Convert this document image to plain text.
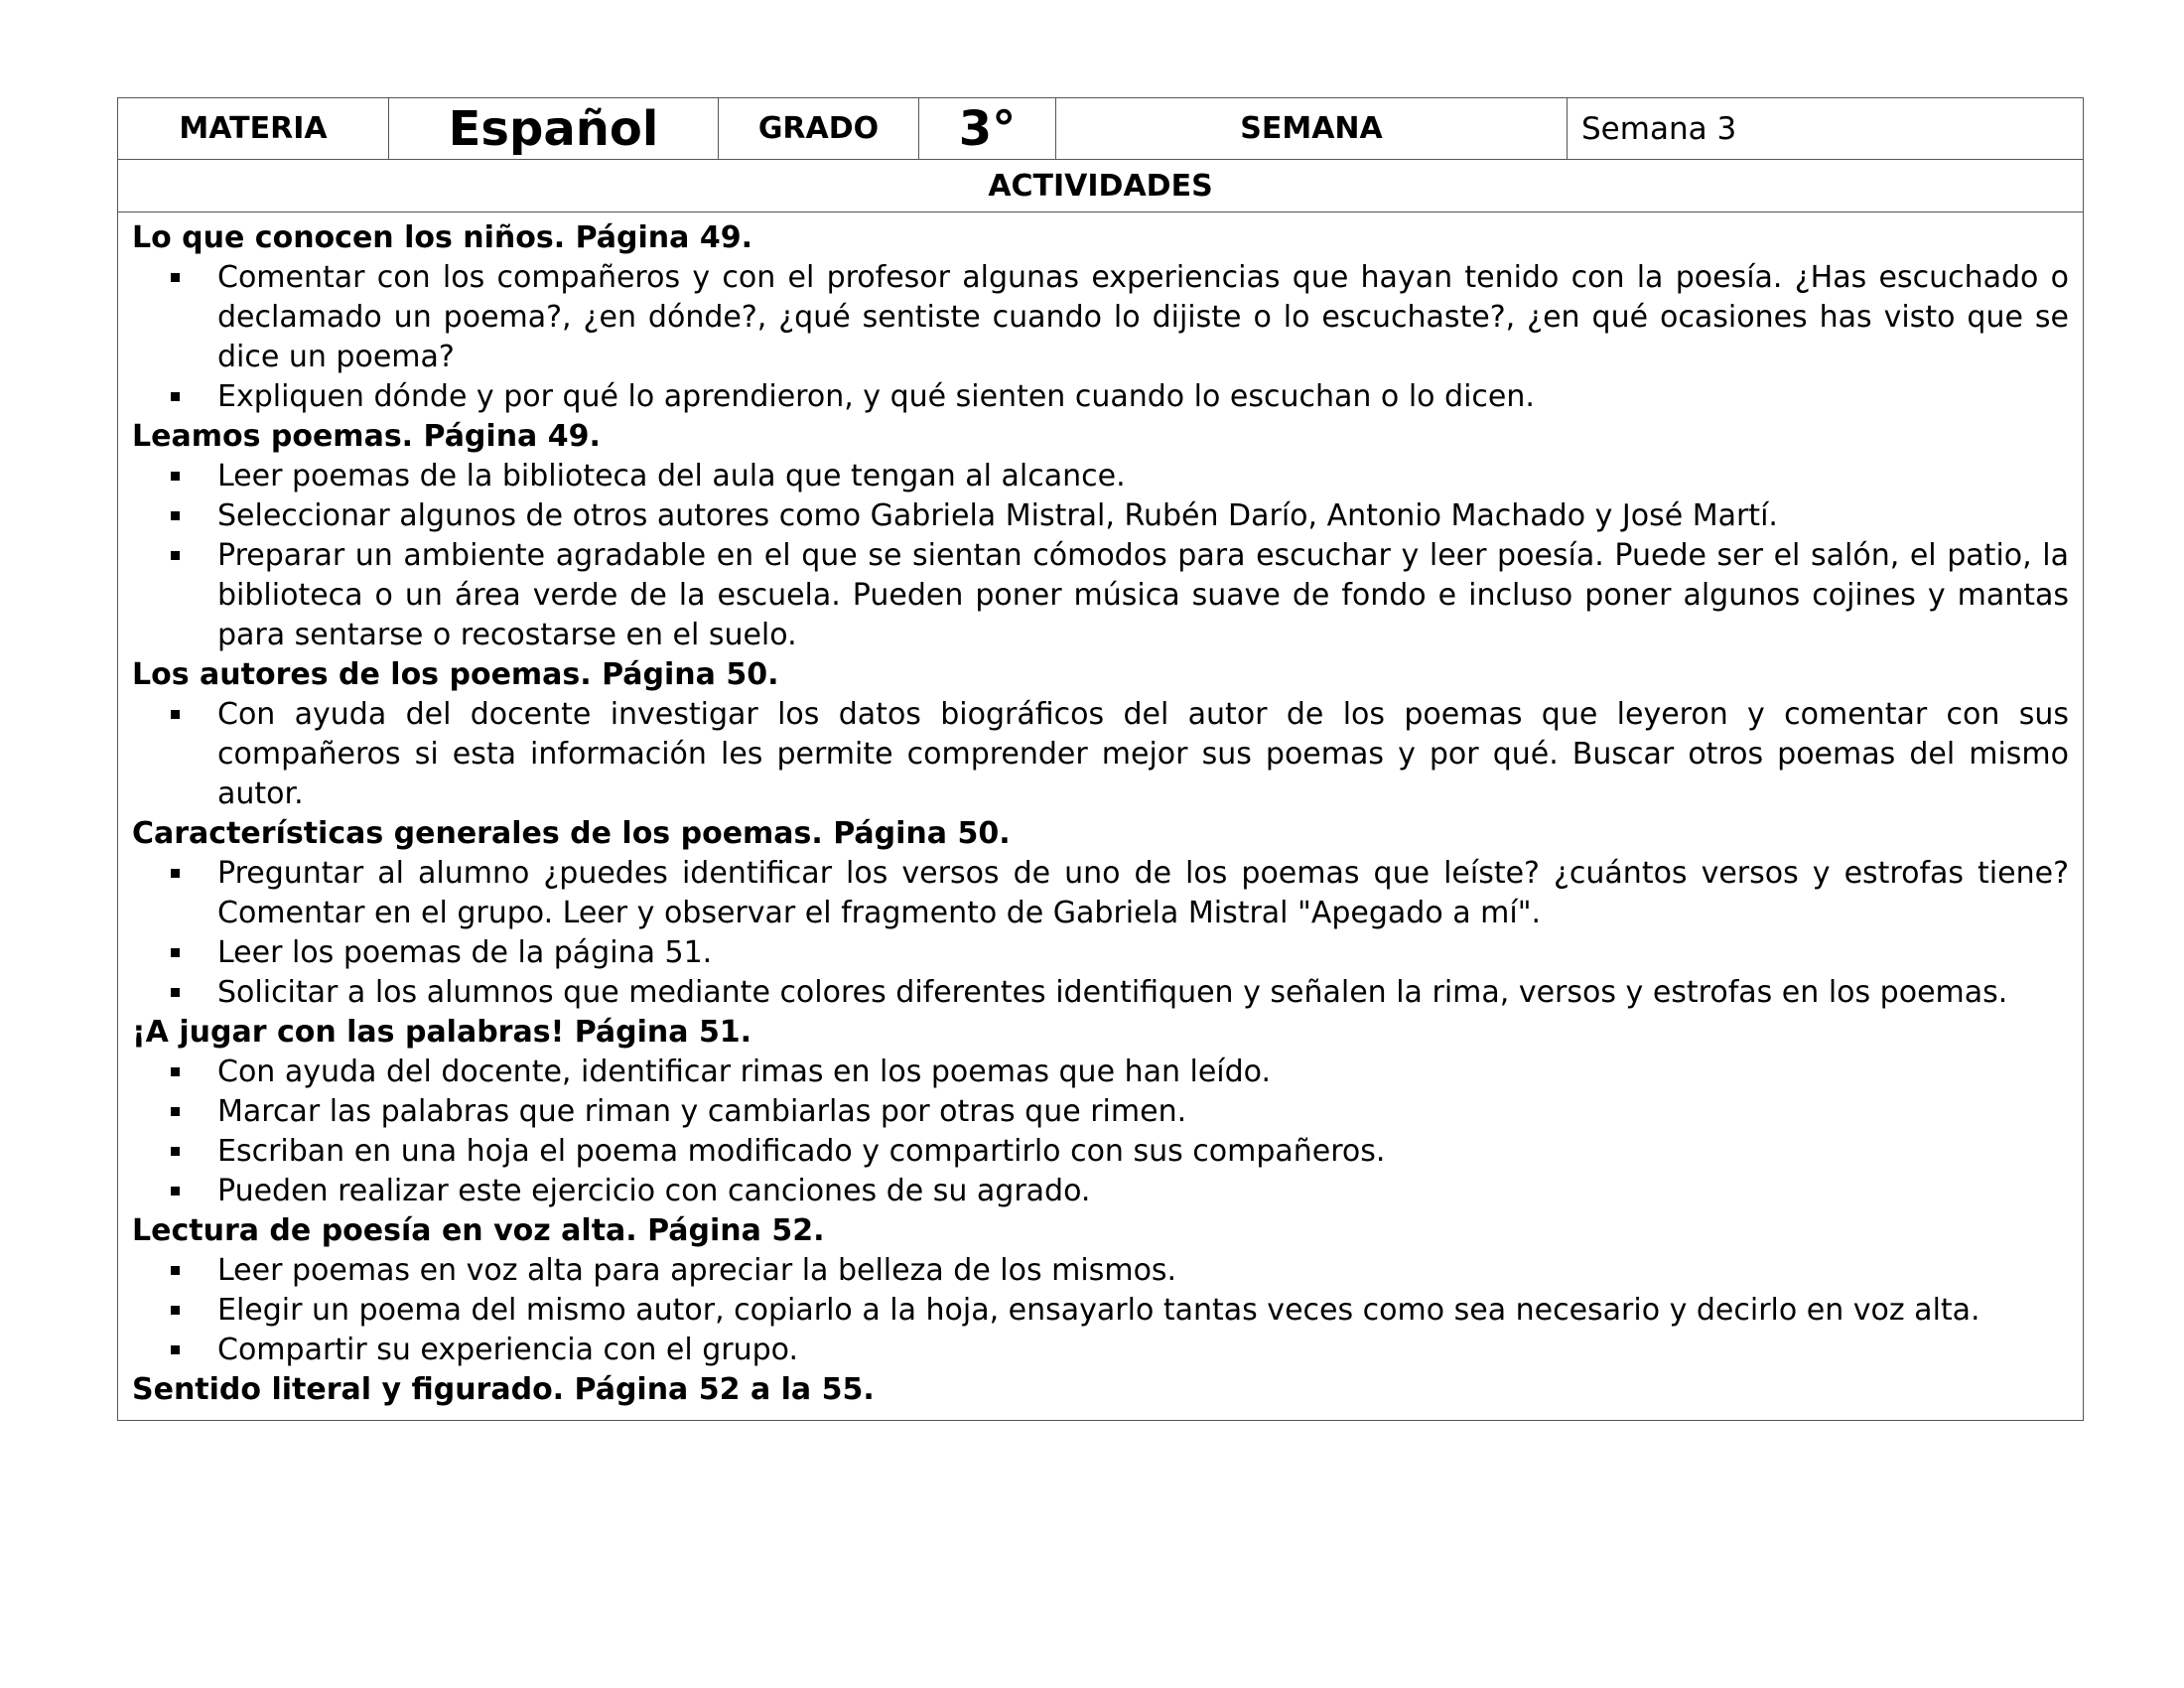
MATERIA	Español	GRADO	3°	SEMANA	Semana 3
ACTIVIDADES

Lo que conocen los niños. Página 49.
Comentar con los compañeros y con el profesor algunas experiencias que hayan tenido con la poesía. ¿Has escuchado o declamado un poema?, ¿en dónde?, ¿qué sentiste cuando lo dijiste o lo escuchaste?, ¿en qué ocasiones has visto que se dice un poema?
Expliquen dónde y por qué lo aprendieron, y qué sienten cuando lo escuchan o lo dicen.
Leamos poemas. Página 49.
Leer poemas de la biblioteca del aula que tengan al alcance.
Seleccionar algunos de otros autores como Gabriela Mistral, Rubén Darío, Antonio Machado y José Martí.
Preparar un ambiente agradable en el que se sientan cómodos para escuchar y leer poesía. Puede ser el salón, el patio, la biblioteca o un área verde de la escuela. Pueden poner música suave de fondo e incluso poner algunos cojines y mantas para sentarse o recostarse en el suelo.
Los autores de los poemas. Página 50.
Con ayuda del docente investigar los datos biográficos del autor de los poemas que leyeron y comentar con sus compañeros si esta información les permite comprender mejor sus poemas y por qué. Buscar otros poemas del mismo autor.
Características generales de los poemas. Página 50.
Preguntar al alumno ¿puedes identificar los versos de uno de los poemas que leíste? ¿cuántos versos y estrofas tiene? Comentar en el grupo. Leer y observar el fragmento de Gabriela Mistral "Apegado a mí".
Leer los poemas de la página 51.
Solicitar a los alumnos que mediante colores diferentes identifiquen y señalen la rima, versos y estrofas en los poemas.
¡A jugar con las palabras! Página 51.
Con ayuda del docente, identificar rimas en los poemas que han leído.
Marcar las palabras que riman y cambiarlas por otras que rimen.
Escriban en una hoja el poema modificado y compartirlo con sus compañeros.
Pueden realizar este ejercicio con canciones de su agrado.
Lectura de poesía en voz alta. Página 52.
Leer poemas en voz alta para apreciar la belleza de los mismos.
Elegir un poema del mismo autor, copiarlo a la hoja, ensayarlo tantas veces como sea necesario y decirlo en voz alta.
Compartir su experiencia con el grupo.
Sentido literal y figurado. Página 52 a la 55.
